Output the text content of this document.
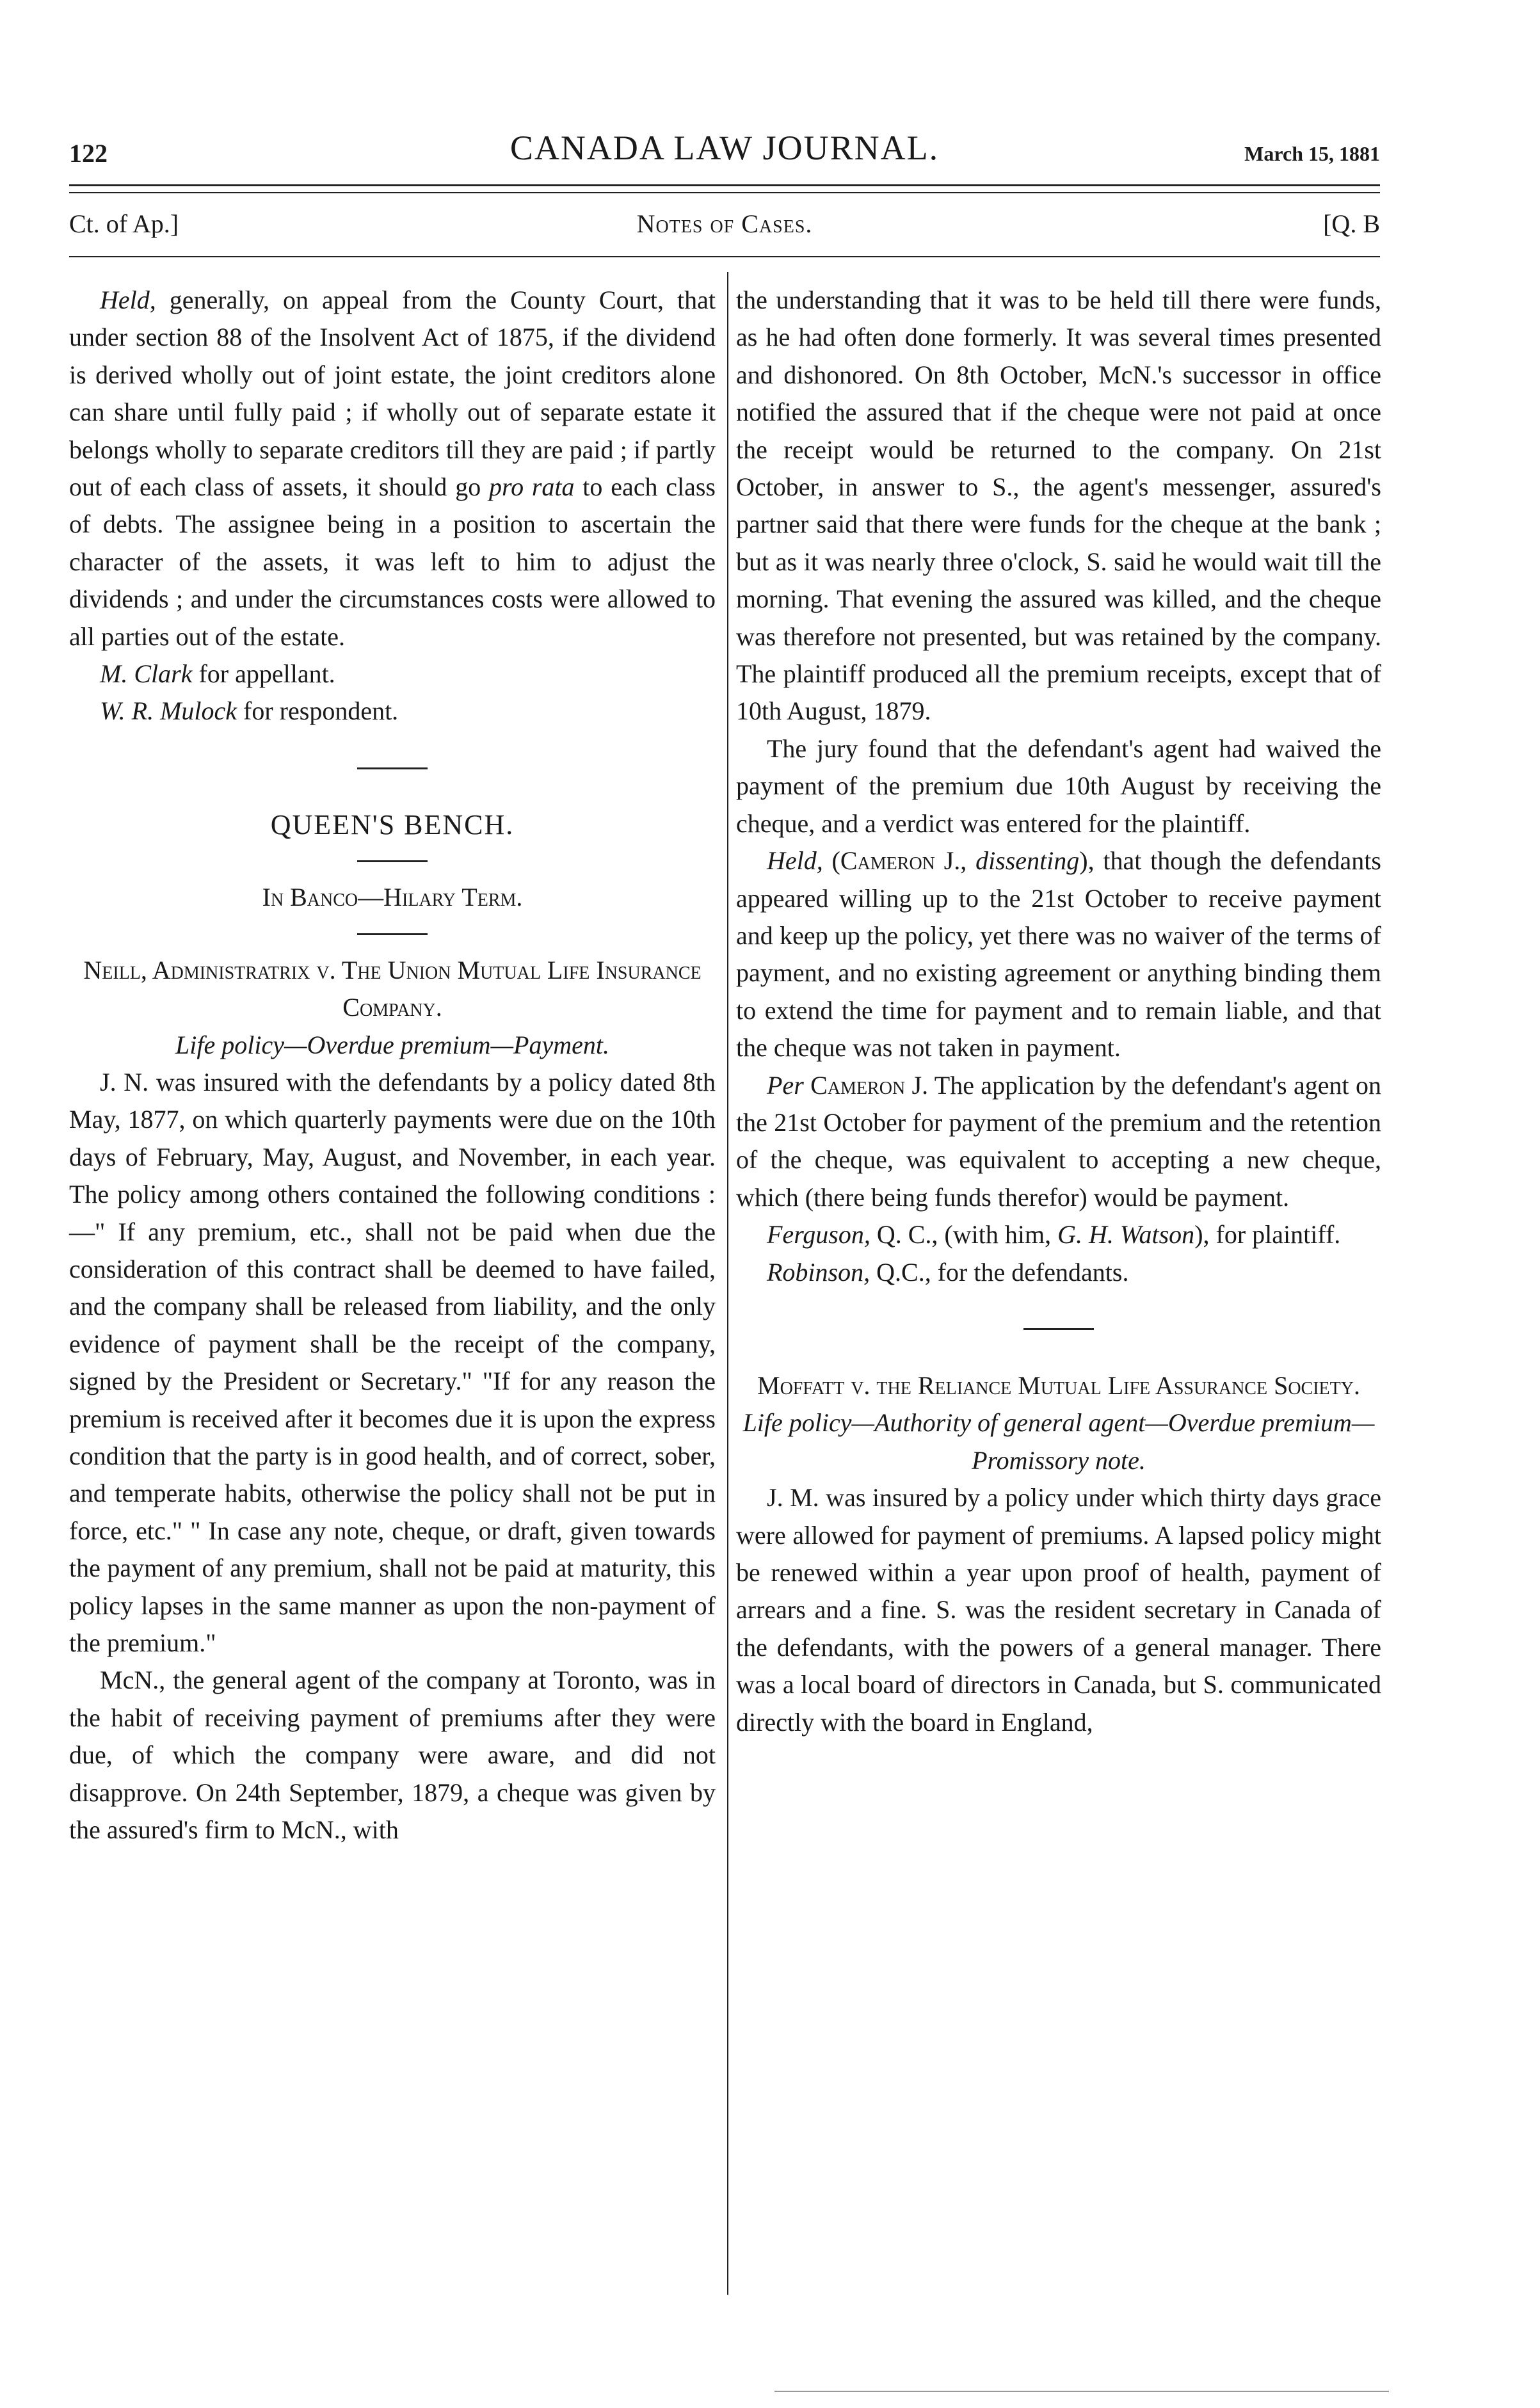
122	CANADA LAW JOURNAL.	March 15, 1881
Ct. of Ap.]	Notes of Cases.	[Q. B

Held, generally, on appeal from the County Court, that under section 88 of the Insolvent Act of 1875, if the dividend is derived wholly out of joint estate, the joint creditors alone can share until fully paid ; if wholly out of separate estate it belongs wholly to separate creditors till they are paid ; if partly out of each class of assets, it should go pro rata to each class of debts. The assignee being in a position to ascertain the character of the assets, it was left to him to adjust the dividends ; and under the circumstances costs were allowed to all parties out of the estate.

M. Clark for appellant.

W. R. Mulock for respondent.

QUEEN'S BENCH.

In Banco—Hilary Term.

Neill, Administratrix v. The Union Mutual Life Insurance Company.

Life policy—Overdue premium—Payment.

J. N. was insured with the defendants by a policy dated 8th May, 1877, on which quarterly payments were due on the 10th days of February, May, August, and November, in each year. The policy among others contained the following conditions :—" If any premium, etc., shall not be paid when due the consideration of this contract shall be deemed to have failed, and the company shall be released from liability, and the only evidence of payment shall be the receipt of the company, signed by the President or Secretary." "If for any reason the premium is received after it becomes due it is upon the express condition that the party is in good health, and of correct, sober, and temperate habits, otherwise the policy shall not be put in force, etc." " In case any note, cheque, or draft, given towards the payment of any premium, shall not be paid at maturity, this policy lapses in the same manner as upon the non-payment of the premium."

McN., the general agent of the company at Toronto, was in the habit of receiving payment of premiums after they were due, of which the company were aware, and did not disapprove. On 24th September, 1879, a cheque was given by the assured's firm to McN., with

the understanding that it was to be held till there were funds, as he had often done formerly. It was several times presented and dishonored. On 8th October, McN.'s successor in office notified the assured that if the cheque were not paid at once the receipt would be returned to the company. On 21st October, in answer to S., the agent's messenger, assured's partner said that there were funds for the cheque at the bank ; but as it was nearly three o'clock, S. said he would wait till the morning. That evening the assured was killed, and the cheque was therefore not presented, but was retained by the company. The plaintiff produced all the premium receipts, except that of 10th August, 1879.

The jury found that the defendant's agent had waived the payment of the premium due 10th August by receiving the cheque, and a verdict was entered for the plaintiff.

Held, (Cameron J., dissenting), that though the defendants appeared willing up to the 21st October to receive payment and keep up the policy, yet there was no waiver of the terms of payment, and no existing agreement or anything binding them to extend the time for payment and to remain liable, and that the cheque was not taken in payment.

Per Cameron J. The application by the defendant's agent on the 21st October for payment of the premium and the retention of the cheque, was equivalent to accepting a new cheque, which (there being funds therefor) would be payment.

Ferguson, Q. C., (with him, G. H. Watson), for plaintiff.

Robinson, Q.C., for the defendants.

Moffatt v. the Reliance Mutual Life Assurance Society.

Life policy—Authority of general agent—Overdue premium—Promissory note.

J. M. was insured by a policy under which thirty days grace were allowed for payment of premiums. A lapsed policy might be renewed within a year upon proof of health, payment of arrears and a fine. S. was the resident secretary in Canada of the defendants, with the powers of a general manager. There was a local board of directors in Canada, but S. communicated directly with the board in England,
